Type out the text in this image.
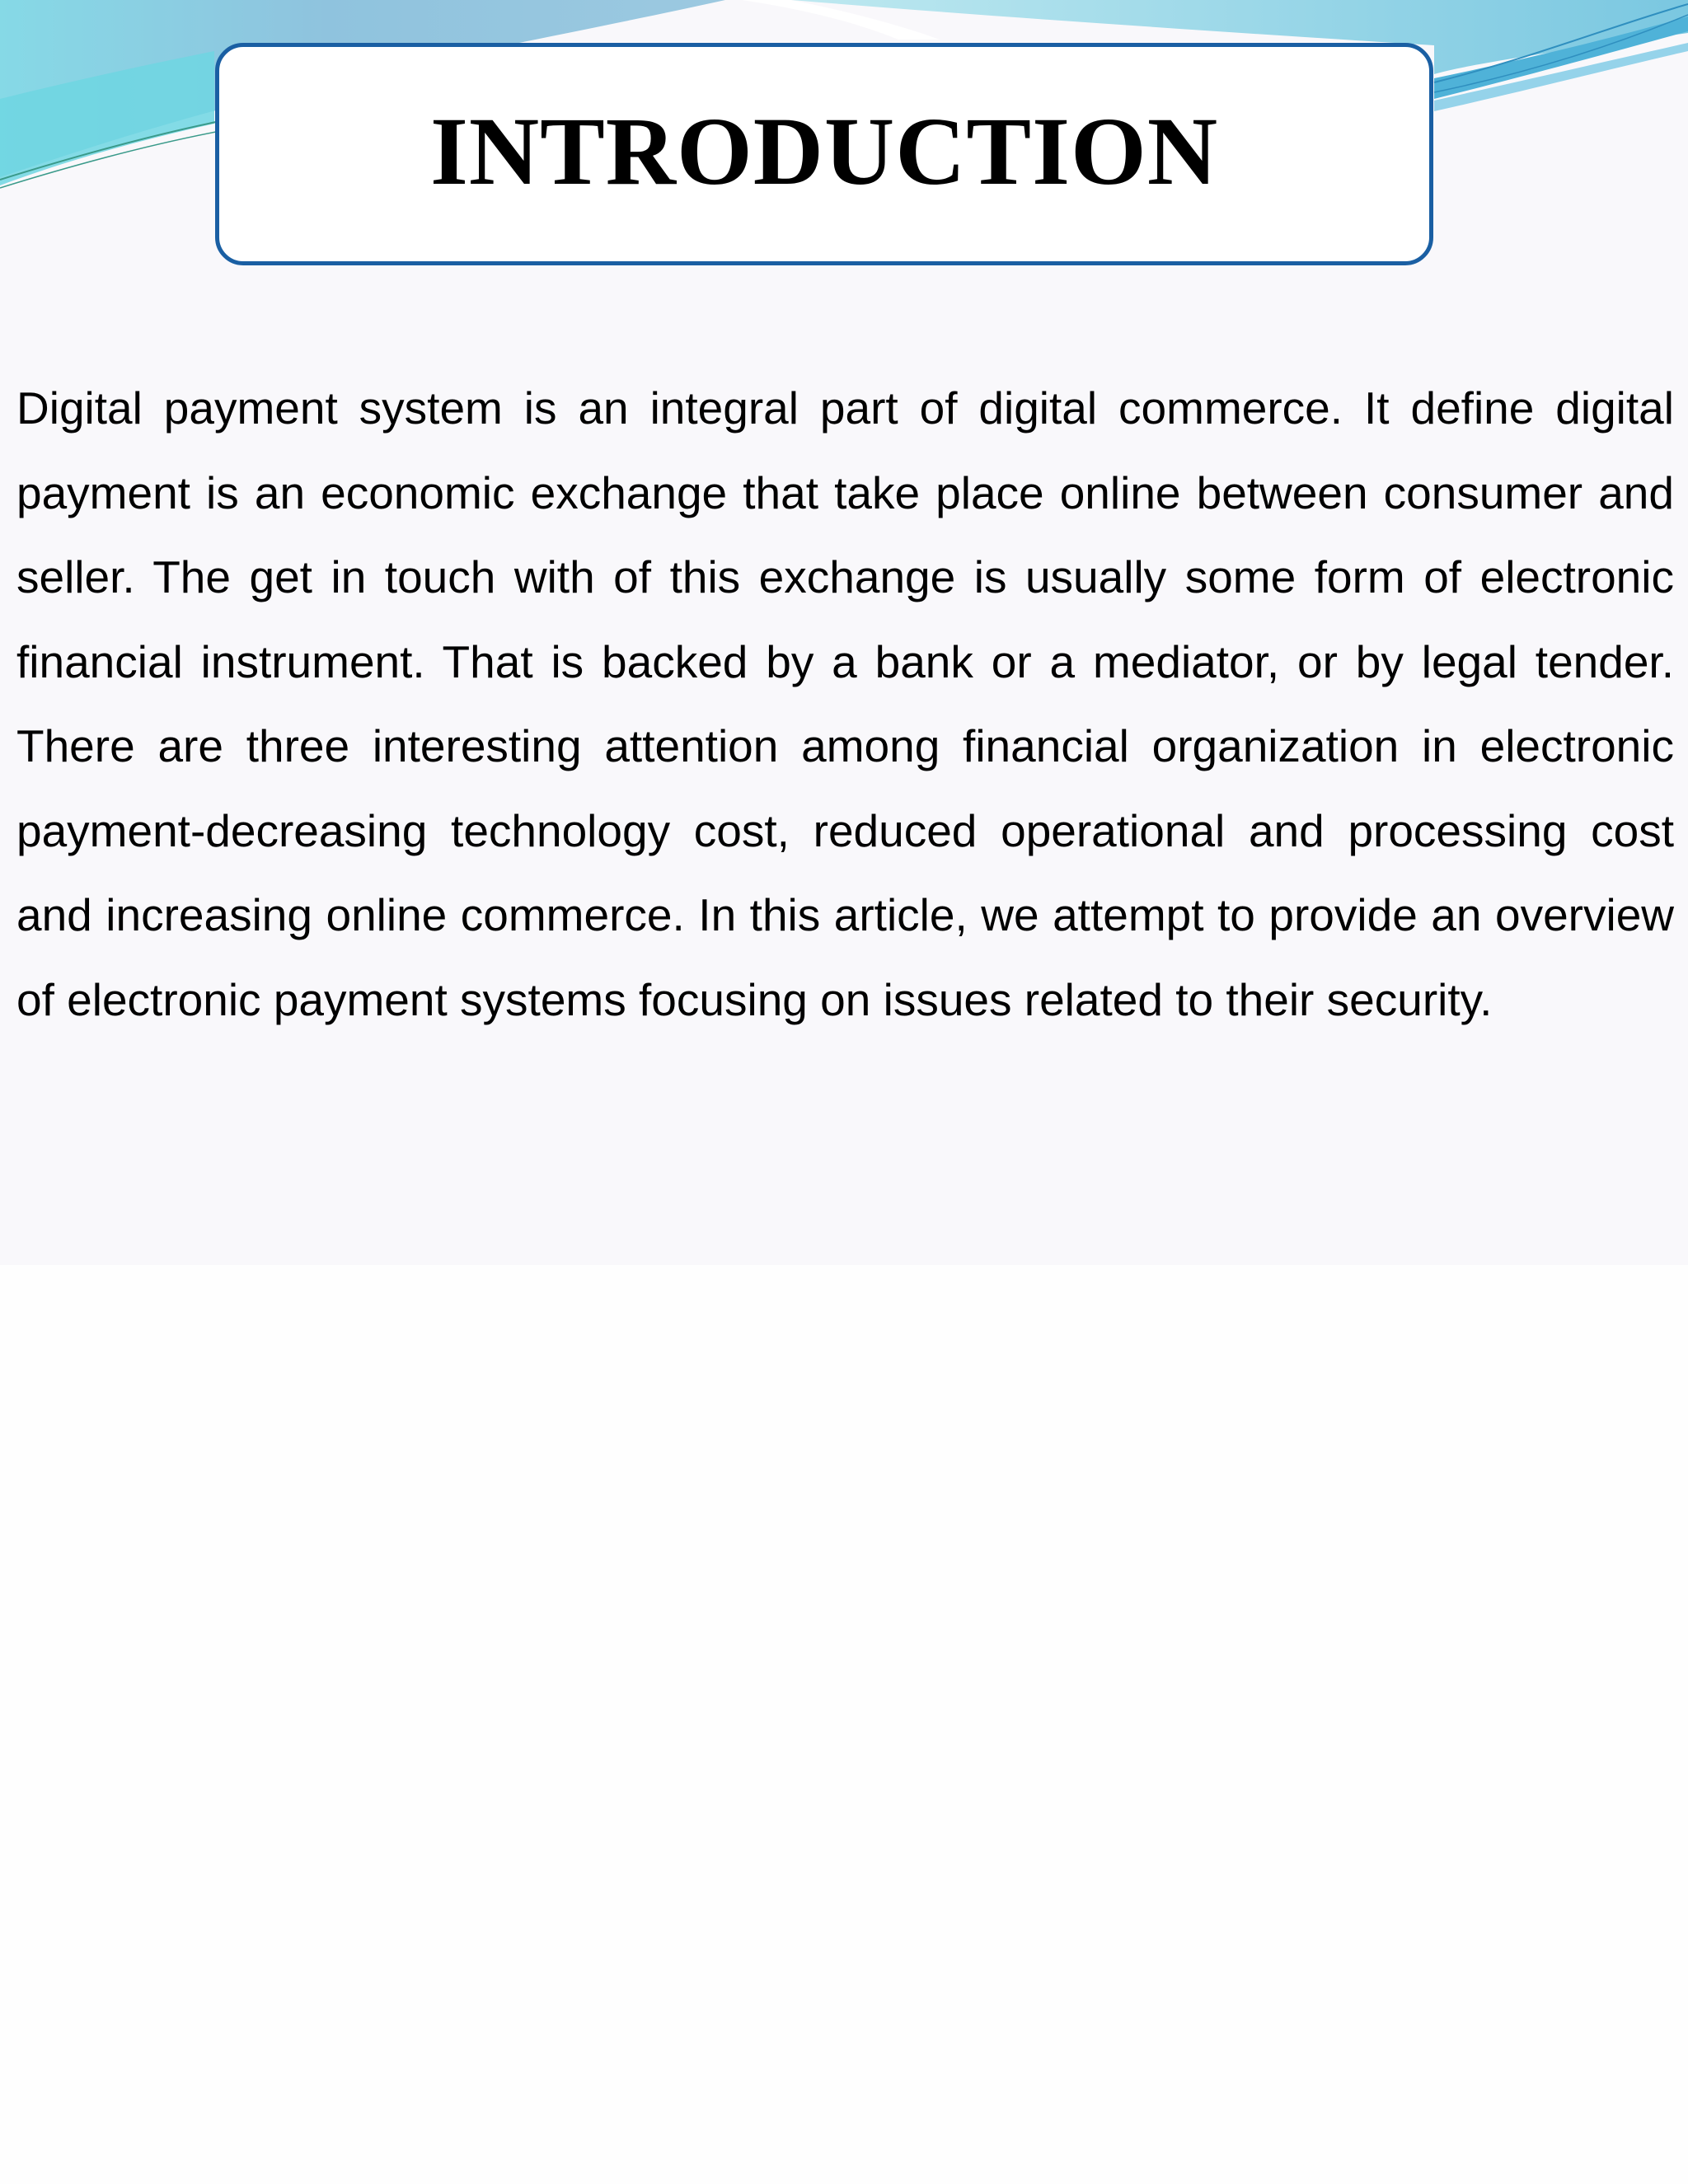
INTRODUCTION

Digital payment system is an integral part of digital commerce. It define digital payment is an economic exchange that take place online between consumer and seller. The get in touch with of this exchange is usually some form of electronic financial instrument. That is backed by a bank or a mediator, or by legal tender. There are three interesting attention among financial organization in electronic payment-decreasing technology cost, reduced operational and processing cost and increasing online commerce. In this article, we attempt to provide an overview of electronic payment systems focusing on issues related to their security.
